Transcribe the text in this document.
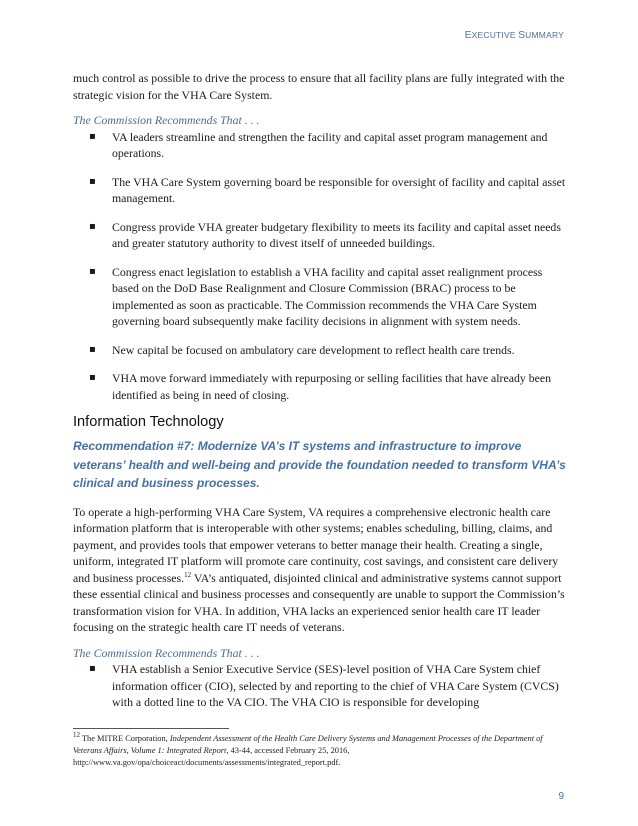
EXECUTIVE SUMMARY

much control as possible to drive the process to ensure that all facility plans are fully integrated with the strategic vision for the VHA Care System.

The Commission Recommends That . . .

▪ VA leaders streamline and strengthen the facility and capital asset program management and operations.
▪ The VHA Care System governing board be responsible for oversight of facility and capital asset management.
▪ Congress provide VHA greater budgetary flexibility to meets its facility and capital asset needs and greater statutory authority to divest itself of unneeded buildings.
▪ Congress enact legislation to establish a VHA facility and capital asset realignment process based on the DoD Base Realignment and Closure Commission (BRAC) process to be implemented as soon as practicable. The Commission recommends the VHA Care System governing board subsequently make facility decisions in alignment with system needs.
▪ New capital be focused on ambulatory care development to reflect health care trends.
▪ VHA move forward immediately with repurposing or selling facilities that have already been identified as being in need of closing.
Information Technology

Recommendation #7: Modernize VA’s IT systems and infrastructure to improve veterans’ health and well-being and provide the foundation needed to transform VHA’s clinical and business processes.

To operate a high-performing VHA Care System, VA requires a comprehensive electronic health care information platform that is interoperable with other systems; enables scheduling, billing, claims, and payment, and provides tools that empower veterans to better manage their health. Creating a single, uniform, integrated IT platform will promote care continuity, cost savings, and consistent care delivery and business processes.$^{12}$ VA’s antiquated, disjointed clinical and administrative systems cannot support these essential clinical and business processes and consequently are unable to support the Commission’s transformation vision for VHA. In addition, VHA lacks an experienced senior health care IT leader focusing on the strategic health care IT needs of veterans.

The Commission Recommends That . . .

▪ VHA establish a Senior Executive Service (SES)-level position of VHA Care System chief information officer (CIO), selected by and reporting to the chief of VHA Care System (CVCS) with a dotted line to the VA CIO. The VHA CIO is responsible for developing
$^{12}$ The MITRE Corporation, Independent Assessment of the Health Care Delivery Systems and Management Processes of the Department of Veterans Affairs, Volume 1: Integrated Report, 43-44, accessed February 25, 2016, http://www.va.gov/opa/choiceact/documents/assessments/integrated_report.pdf.
9
